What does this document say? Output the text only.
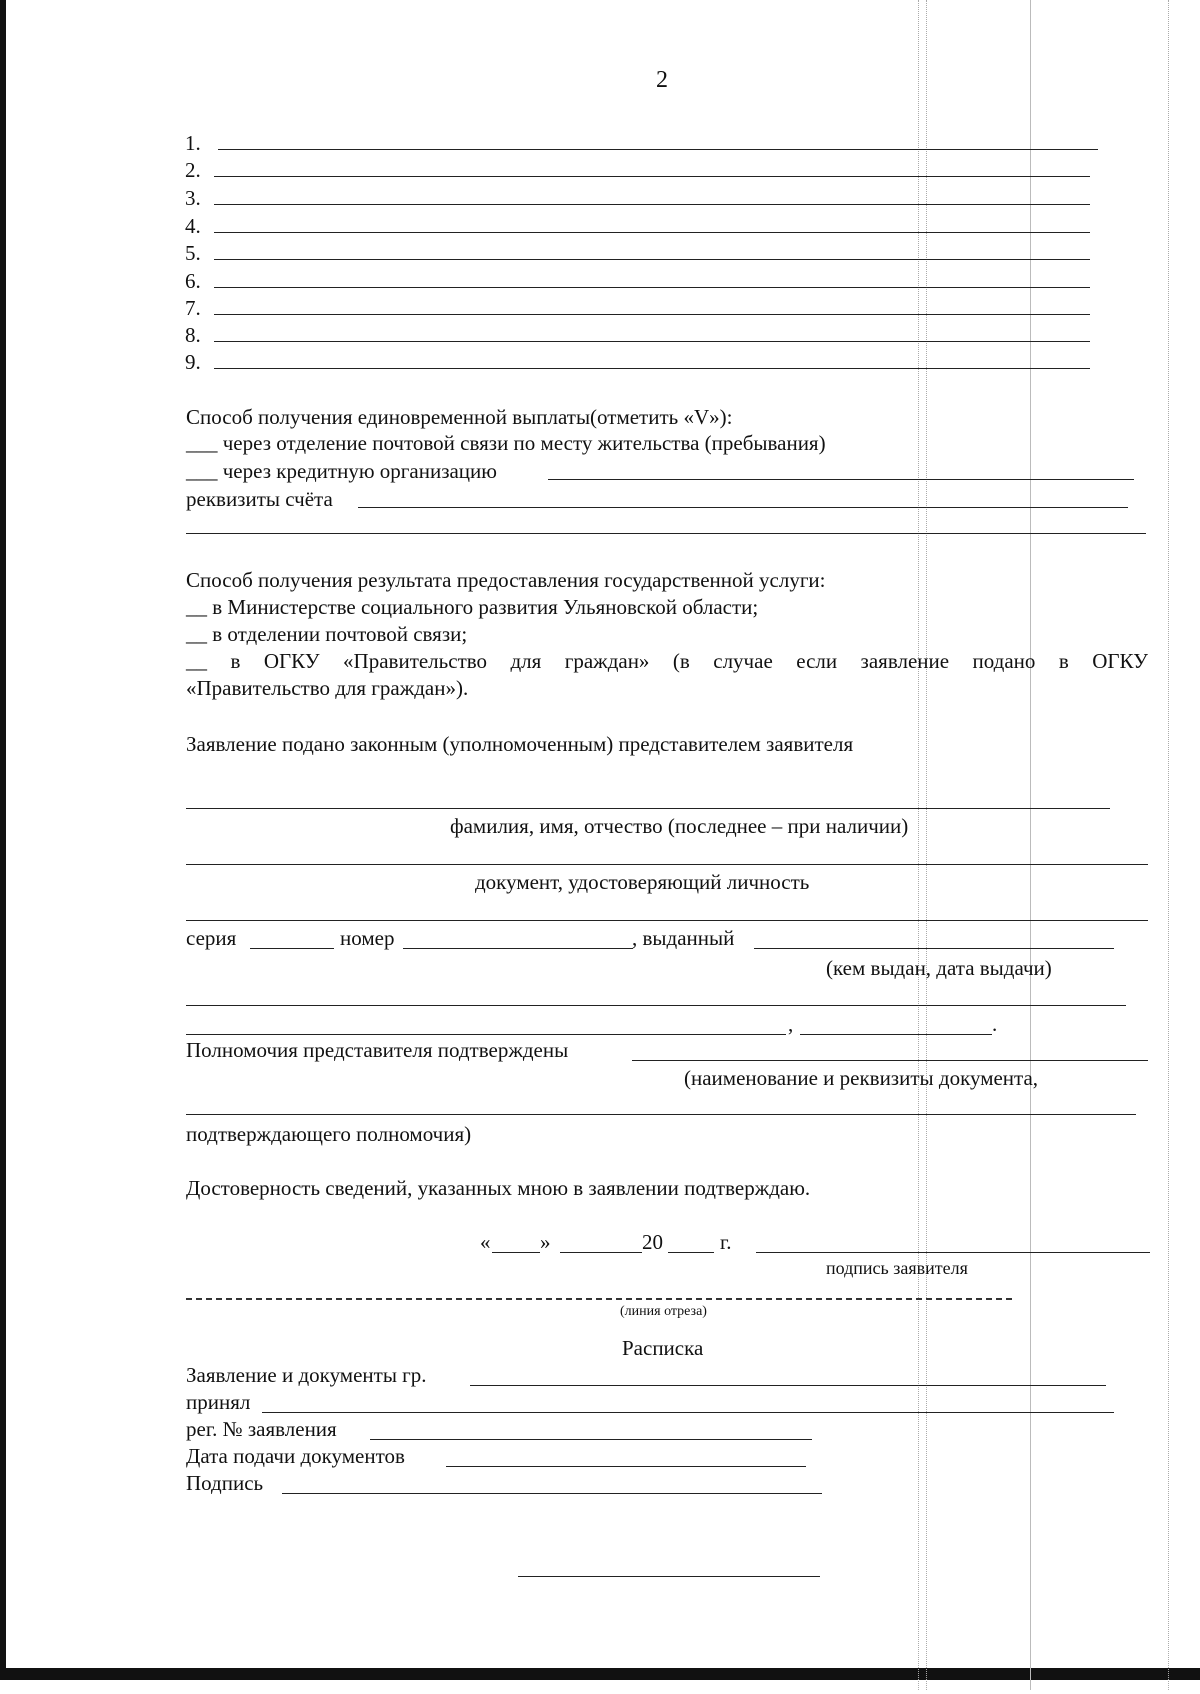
2
1.
2.
3.
4.
5.
6.
7.
8.
9.
Способ получения единовременной выплаты(отметить «V»):
___ через отделение почтовой связи по месту жительства (пребывания)
___ через кредитную организацию
реквизиты счёта
Способ получения результата предоставления государственной услуги:
__ в Министерстве социального развития Ульяновской области;
__ в отделении почтовой связи;
__ в ОГКУ «Правительство для граждан» (в случае если заявление подано в ОГКУ
«Правительство для граждан»).
Заявление подано законным (уполномоченным) представителем заявителя
фамилия, имя, отчество (последнее – при наличии)
документ, удостоверяющий личность
серия	номер	, выданный
(кем выдан, дата выдачи)
,	.
Полномочия представителя подтверждены
(наименование и реквизиты документа,
подтверждающего полномочия)
Достоверность сведений, указанных мною в заявлении подтверждаю.
« »	20	г.
подпись заявителя
(линия отреза)
Расписка
Заявление и документы гр.
принял
рег. № заявления
Дата подачи документов
Подпись
